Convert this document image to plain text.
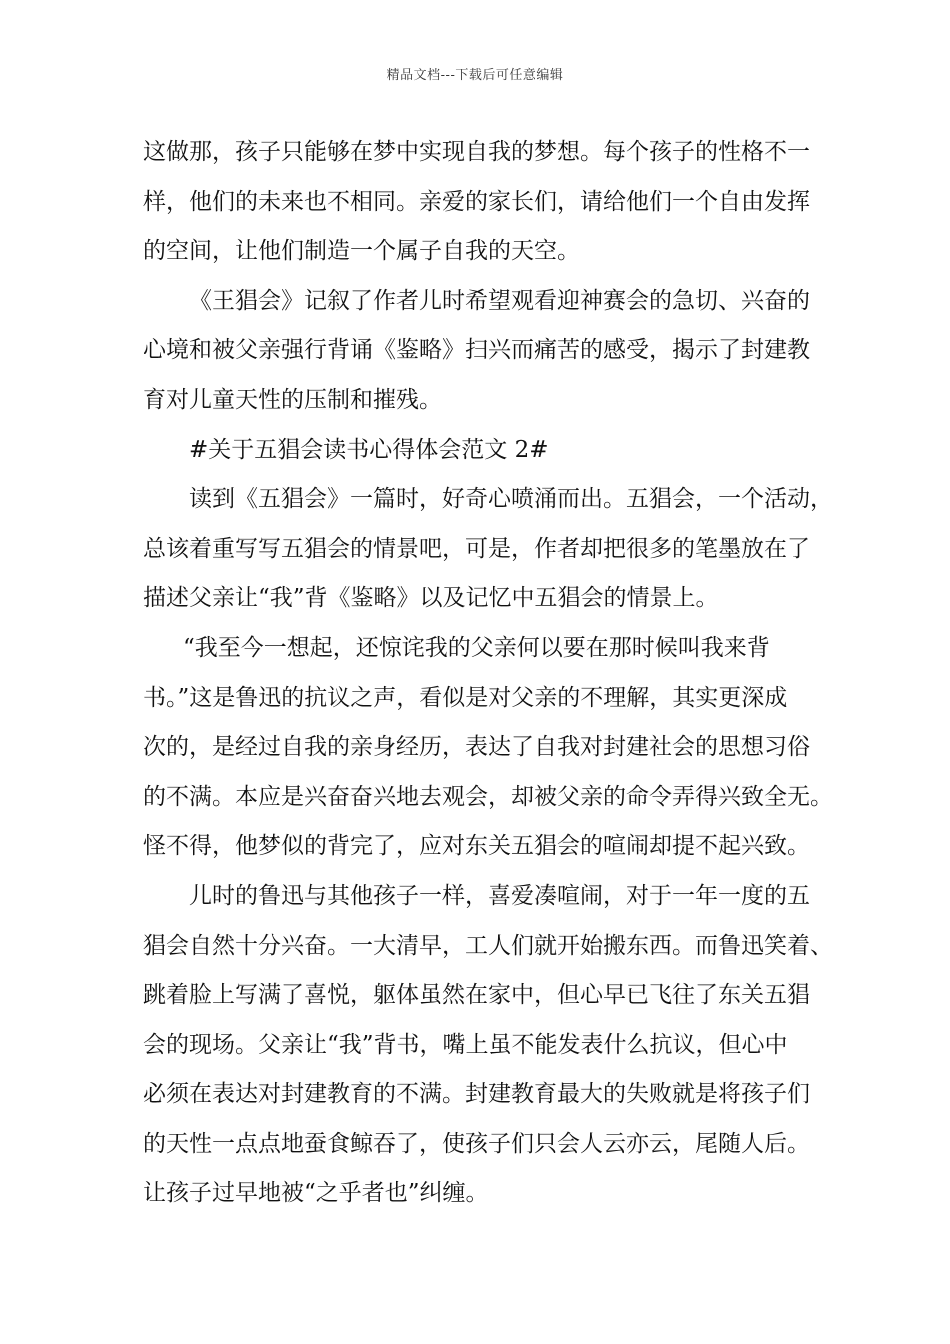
精品文档---下载后可任意编辑
这做那，孩子只能够在梦中实现自我的梦想。每个孩子的性格不一
样，他们的未来也不相同。亲爱的家长们，请给他们一个自由发挥
的空间，让他们制造一个属子自我的天空。
《王猖会》记叙了作者儿时希望观看迎神赛会的急切、兴奋的
心境和被父亲强行背诵《鉴略》扫兴而痛苦的感受，揭示了封建教
育对儿童天性的压制和摧残。
#关于五猖会读书心得体会范文 2#
读到《五猖会》一篇时，好奇心喷涌而出。五猖会，一个活动，
总该着重写写五猖会的情景吧，可是，作者却把很多的笔墨放在了
描述父亲让“我”背《鉴略》以及记忆中五猖会的情景上。
“我至今一想起，还惊诧我的父亲何以要在那时候叫我来背
书。”这是鲁迅的抗议之声，看似是对父亲的不理解，其实更深成
次的，是经过自我的亲身经历，表达了自我对封建社会的思想习俗
的不满。本应是兴奋奋兴地去观会，却被父亲的命令弄得兴致全无。
怪不得，他梦似的背完了，应对东关五猖会的喧闹却提不起兴致。
儿时的鲁迅与其他孩子一样，喜爱凑喧闹，对于一年一度的五
猖会自然十分兴奋。一大清早，工人们就开始搬东西。而鲁迅笑着、
跳着脸上写满了喜悦，躯体虽然在家中，但心早已飞往了东关五猖
会的现场。父亲让“我”背书，嘴上虽不能发表什么抗议，但心中
必须在表达对封建教育的不满。封建教育最大的失败就是将孩子们
的天性一点点地蚕食鲸吞了，使孩子们只会人云亦云，尾随人后。
让孩子过早地被“之乎者也”纠缠。
